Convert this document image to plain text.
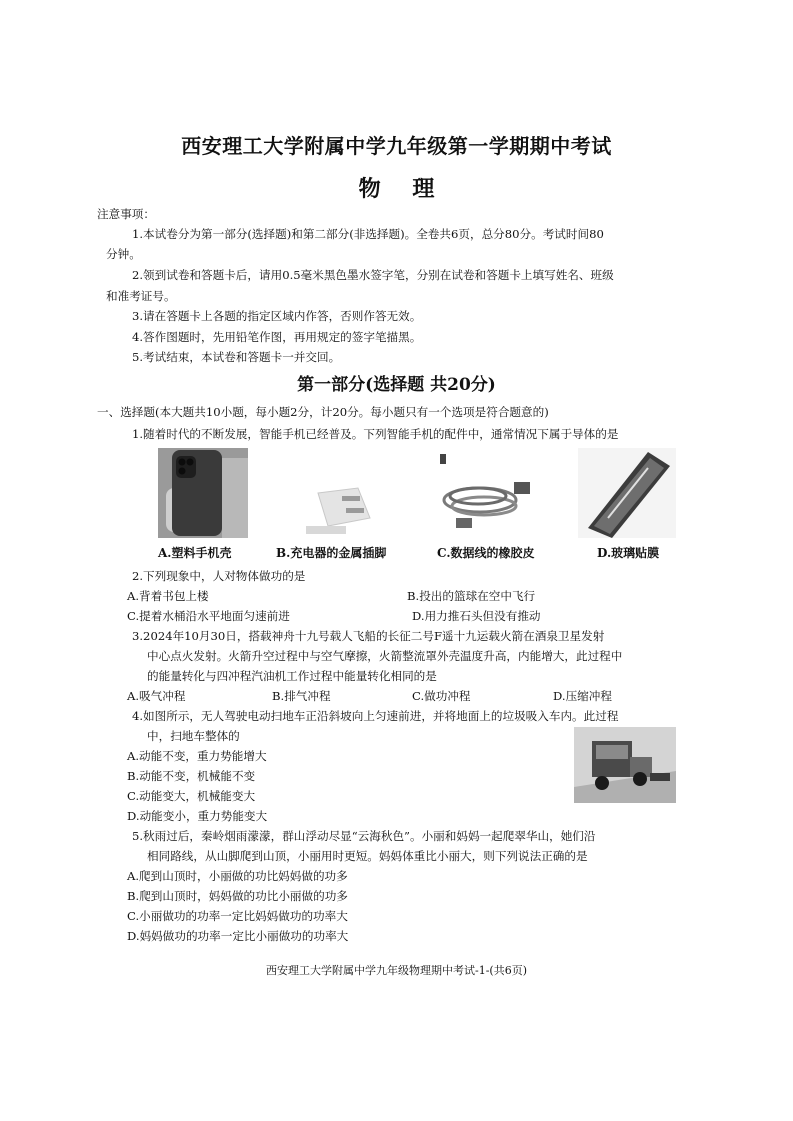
西安理工大学附属中学九年级第一学期期中考试
物 理
注意事项：
1.本试卷分为第一部分(选择题)和第二部分(非选择题)。全卷共6页，总分80分。考试时间80
分钟。
2.领到试卷和答题卡后，请用0.5毫米黑色墨水签字笔，分别在试卷和答题卡上填写姓名、班级
和准考证号。
3.请在答题卡上各题的指定区域内作答，否则作答无效。
4.答作图题时，先用铅笔作图，再用规定的签字笔描黑。
5.考试结束，本试卷和答题卡一并交回。
第一部分(选择题 共20分)
一、选择题(本大题共10小题，每小题2分，计20分。每小题只有一个选项是符合题意的)
1.随着时代的不断发展，智能手机已经普及。下列智能手机的配件中，通常情况下属于导体的是
A.塑料手机壳	B.充电器的金属插脚	C.数据线的橡胶皮	D.玻璃贴膜
2.下列现象中，人对物体做功的是
A.背着书包上楼	B.投出的篮球在空中飞行
C.提着水桶沿水平地面匀速前进	D.用力推石头但没有推动
3.2024年10月30日，搭载神舟十九号载人飞船的长征二号F遥十九运载火箭在酒泉卫星发射
中心点火发射。火箭升空过程中与空气摩擦，火箭整流罩外壳温度升高，内能增大，此过程中
的能量转化与四冲程汽油机工作过程中能量转化相同的是
A.吸气冲程	B.排气冲程	C.做功冲程	D.压缩冲程
4.如图所示，无人驾驶电动扫地车正沿斜坡向上匀速前进，并将地面上的垃圾吸入车内。此过程
中，扫地车整体的
A.动能不变，重力势能增大
B.动能不变，机械能不变
C.动能变大，机械能变大
D.动能变小，重力势能变大
5.秋雨过后，秦岭烟雨濛濛，群山浮动尽显“云海秋色”。小丽和妈妈一起爬翠华山，她们沿
相同路线，从山脚爬到山顶，小丽用时更短。妈妈体重比小丽大，则下列说法正确的是
A.爬到山顶时，小丽做的功比妈妈做的功多
B.爬到山顶时，妈妈做的功比小丽做的功多
C.小丽做功的功率一定比妈妈做功的功率大
D.妈妈做功的功率一定比小丽做功的功率大
西安理工大学附属中学九年级物理期中考试-1-(共6页)
